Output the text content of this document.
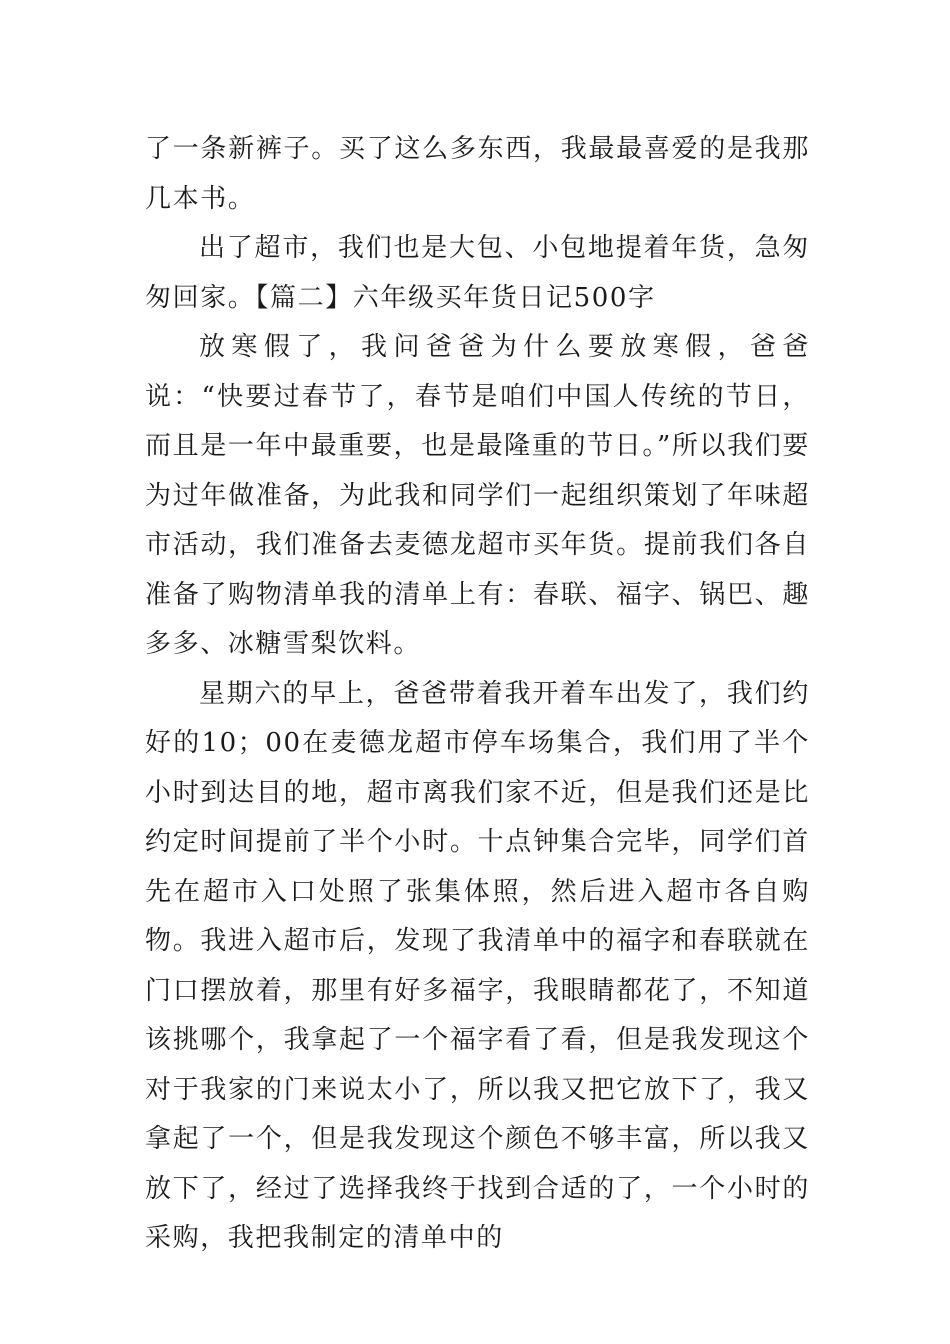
了一条新裤子。买了这么多东西，我最最喜爱的是我那几本书。

出了超市，我们也是大包、小包地提着年货，急匆匆回家。【篇二】六年级买年货日记500字

放寒假了，我问爸爸为什么要放寒假，爸爸说：“快要过春节了，春节是咱们中国人传统的节日，而且是一年中最重要，也是最隆重的节日。”所以我们要为过年做准备，为此我和同学们一起组织策划了年味超市活动，我们准备去麦德龙超市买年货。提前我们各自准备了购物清单我的清单上有：春联、福字、锅巴、趣多多、冰糖雪梨饮料。

星期六的早上，爸爸带着我开着车出发了，我们约好的10；00在麦德龙超市停车场集合，我们用了半个小时到达目的地，超市离我们家不近，但是我们还是比约定时间提前了半个小时。十点钟集合完毕，同学们首先在超市入口处照了张集体照，然后进入超市各自购物。我进入超市后，发现了我清单中的福字和春联就在门口摆放着，那里有好多福字，我眼睛都花了，不知道该挑哪个，我拿起了一个福字看了看，但是我发现这个对于我家的门来说太小了，所以我又把它放下了，我又拿起了一个，但是我发现这个颜色不够丰富，所以我又放下了，经过了选择我终于找到合适的了，一个小时的采购，我把我制定的清单中的
